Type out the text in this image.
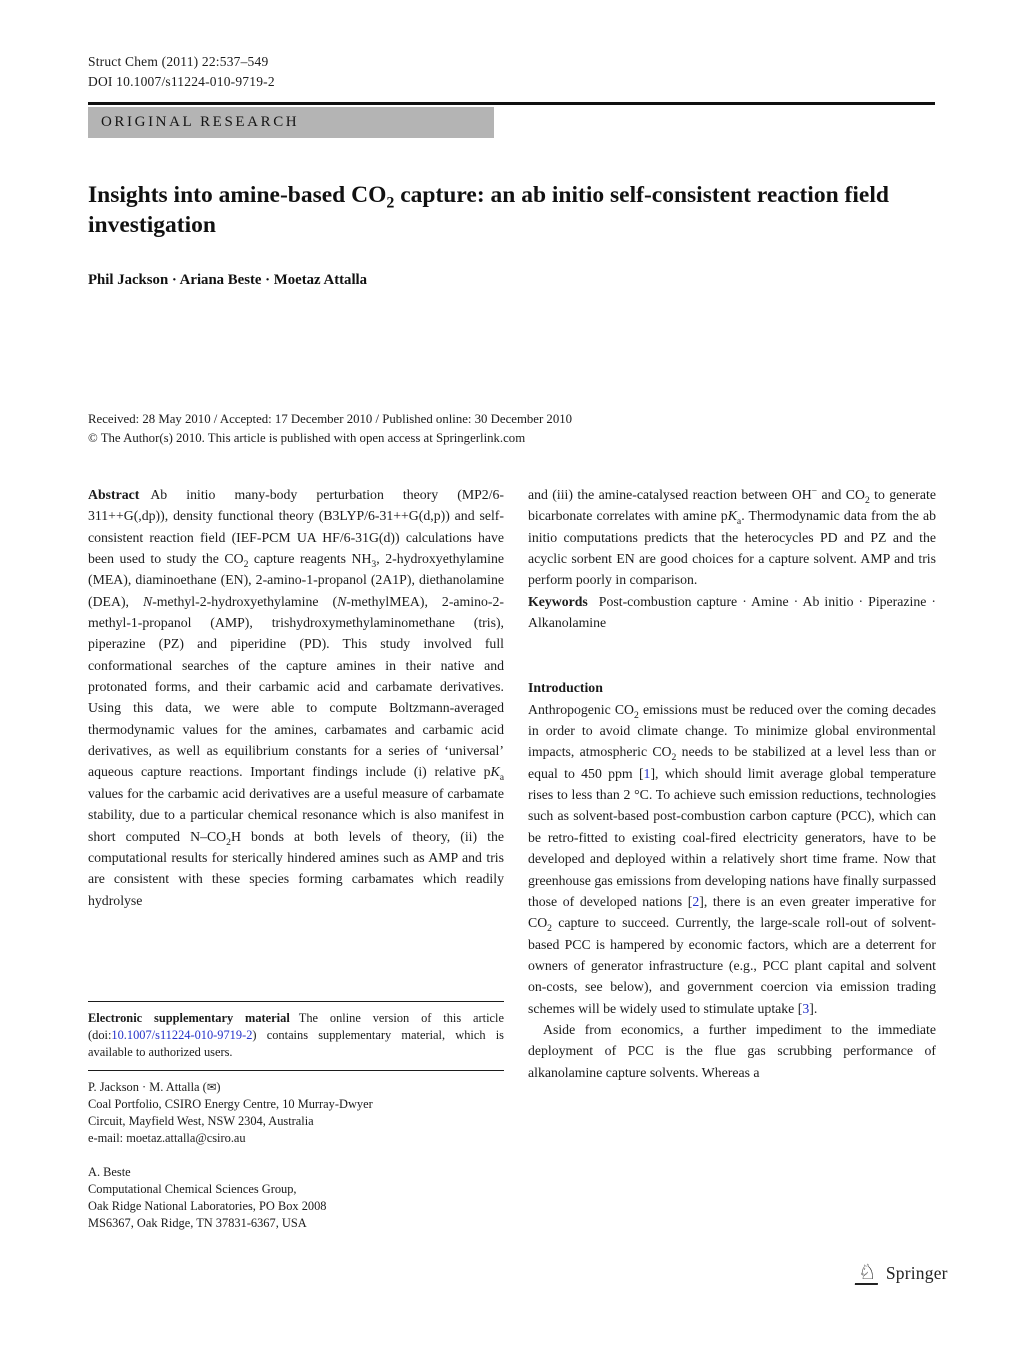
Struct Chem (2011) 22:537–549
DOI 10.1007/s11224-010-9719-2
ORIGINAL RESEARCH
Insights into amine-based $CO_2$ capture: an ab initio self-consistent reaction field investigation
Phil Jackson · Ariana Beste · Moetaz Attalla
Received: 28 May 2010 / Accepted: 17 December 2010 / Published online: 30 December 2010
© The Author(s) 2010. This article is published with open access at Springerlink.com

Abstract Ab initio many-body perturbation theory (MP2/6-311++G(,dp)), density functional theory (B3LYP/6-31++G(d,p)) and self-consistent reaction field (IEF-PCM UA HF/6-31G(d)) calculations have been used to study the $CO_2$ capture reagents $NH_3$, 2-hydroxyethylamine (MEA), diaminoethane (EN), 2-amino-1-propanol (2A1P), diethanolamine (DEA), N-methyl-2-hydroxyethylamine (N-methylMEA), 2-amino-2-methyl-1-propanol (AMP), trishydroxymethylaminomethane (tris), piperazine (PZ) and piperidine (PD). This study involved full conformational searches of the capture amines in their native and protonated forms, and their carbamic acid and carbamate derivatives. Using this data, we were able to compute Boltzmann-averaged thermodynamic values for the amines, carbamates and carbamic acid derivatives, as well as equilibrium constants for a series of ‘universal’ aqueous capture reactions. Important findings include (i) relative $pK_a$ values for the carbamic acid derivatives are a useful measure of carbamate stability, due to a particular chemical resonance which is also manifest in short computed $N-CO_2H$ bonds at both levels of theory, (ii) the computational results for sterically hindered amines such as AMP and tris are consistent with these species forming carbamates which readily hydrolyse

and (iii) the amine-catalysed reaction between OH− and $CO_2$ to generate bicarbonate correlates with amine $pK_a$. Thermodynamic data from the ab initio computations predicts that the heterocycles PD and PZ and the acyclic sorbent EN are good choices for a capture solvent. AMP and tris perform poorly in comparison.

Keywords Post-combustion capture · Amine · Ab initio · Piperazine · Alkanolamine

Introduction

Anthropogenic $CO_2$ emissions must be reduced over the coming decades in order to avoid climate change. To minimize global environmental impacts, atmospheric $CO_2$ needs to be stabilized at a level less than or equal to 450 ppm [1], which should limit average global temperature rises to less than 2 °C. To achieve such emission reductions, technologies such as solvent-based post-combustion carbon capture (PCC), which can be retro-fitted to existing coal-fired electricity generators, have to be developed and deployed within a relatively short time frame. Now that greenhouse gas emissions from developing nations have finally surpassed those of developed nations [2], there is an even greater imperative for $CO_2$ capture to succeed. Currently, the large-scale roll-out of solvent-based PCC is hampered by economic factors, which are a deterrent for owners of generator infrastructure (e.g., PCC plant capital and solvent on-costs, see below), and government coercion via emission trading schemes will be widely used to stimulate uptake [3].

Aside from economics, a further impediment to the immediate deployment of PCC is the flue gas scrubbing performance of alkanolamine capture solvents. Whereas a

Electronic supplementary material The online version of this article (doi:10.1007/s11224-010-9719-2) contains supplementary material, which is available to authorized users.

P. Jackson · M. Attalla (✉)
Coal Portfolio, CSIRO Energy Centre, 10 Murray-Dwyer
Circuit, Mayfield West, NSW 2304, Australia
e-mail: moetaz.attalla@csiro.au
A. Beste
Computational Chemical Sciences Group,
Oak Ridge National Laboratories, PO Box 2008
MS6367, Oak Ridge, TN 37831-6367, USA
♘ Springer
